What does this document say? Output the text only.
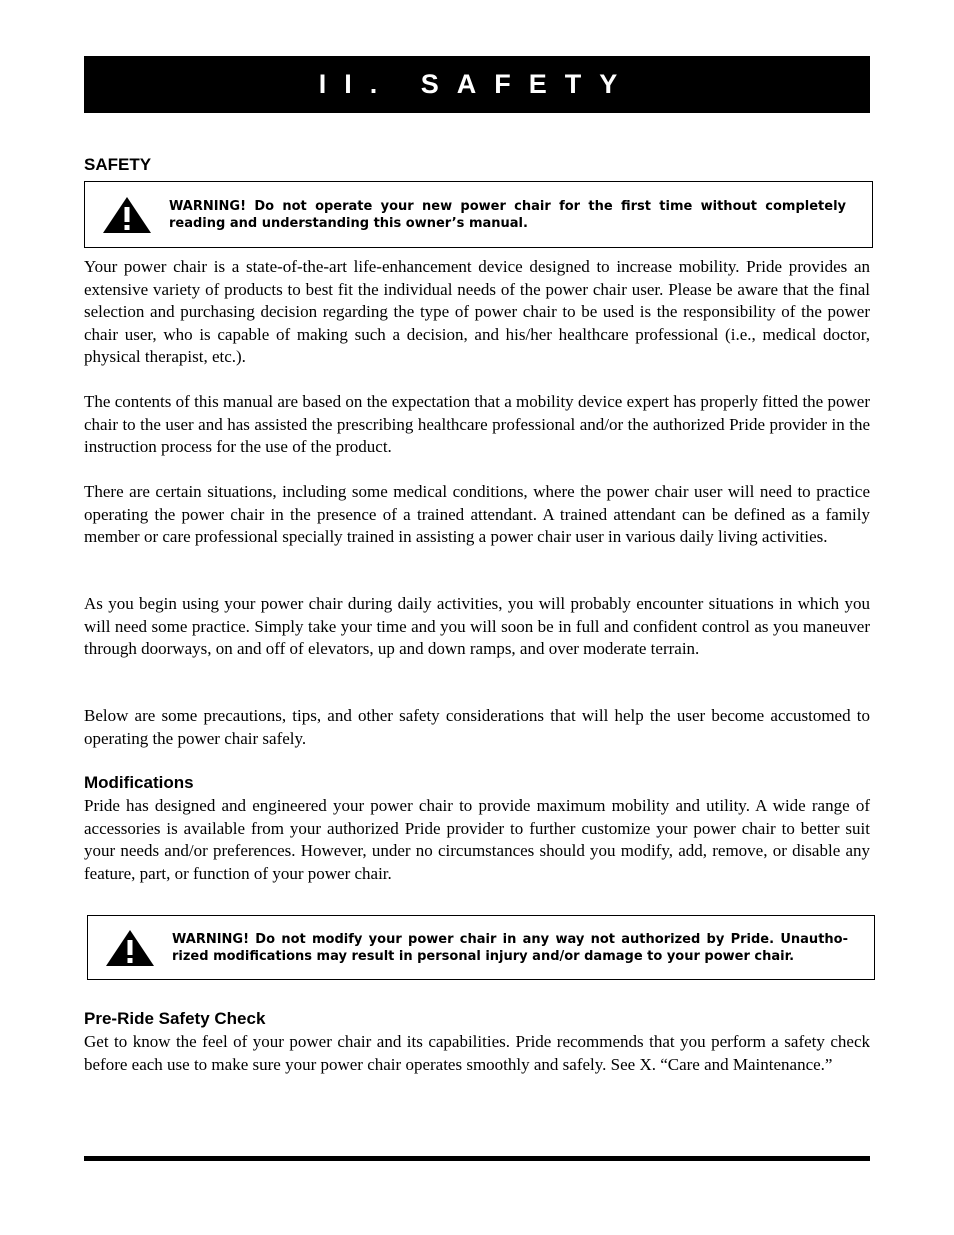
II. SAFETY
SAFETY
WARNING! Do not operate your new power chair for the first time without completely reading and understanding this owner’s manual.

Your power chair is a state-of-the-art life-enhancement device designed to increase mobility. Pride provides an extensive variety of products to best fit the individual needs of the power chair user. Please be aware that the final selection and purchasing decision regarding the type of power chair to be used is the responsibility of the power chair user, who is capable of making such a decision, and his/her healthcare professional (i.e., medical doctor, physical therapist, etc.).

The contents of this manual are based on the expectation that a mobility device expert has properly fitted the power chair to the user and has assisted the prescribing healthcare professional and/or the authorized Pride provider in the instruction process for the use of the product.

There are certain situations, including some medical conditions, where the power chair user will need to practice operating the power chair in the presence of a trained attendant. A trained attendant can be defined as a family member or care professional specially trained in assisting a power chair user in various daily living activities.

As you begin using your power chair during daily activities, you will probably encounter situations in which you will need some practice. Simply take your time and you will soon be in full and confident control as you maneuver through doorways, on and off of elevators, up and down ramps, and over moderate terrain.

Below are some precautions, tips, and other safety considerations that will help the user become accustomed to operating the power chair safely.

Modifications

Pride has designed and engineered your power chair to provide maximum mobility and utility. A wide range of accessories is available from your authorized Pride provider to further customize your power chair to better suit your needs and/or preferences. However, under no circumstances should you modify, add, remove, or disable any feature, part, or function of your power chair.

WARNING! Do not modify your power chair in any way not authorized by Pride. Unautho-rized modifications may result in personal injury and/or damage to your power chair.
Pre-Ride Safety Check

Get to know the feel of your power chair and its capabilities. Pride recommends that you perform a safety check before each use to make sure your power chair operates smoothly and safely. See X. “Care and Maintenance.”
